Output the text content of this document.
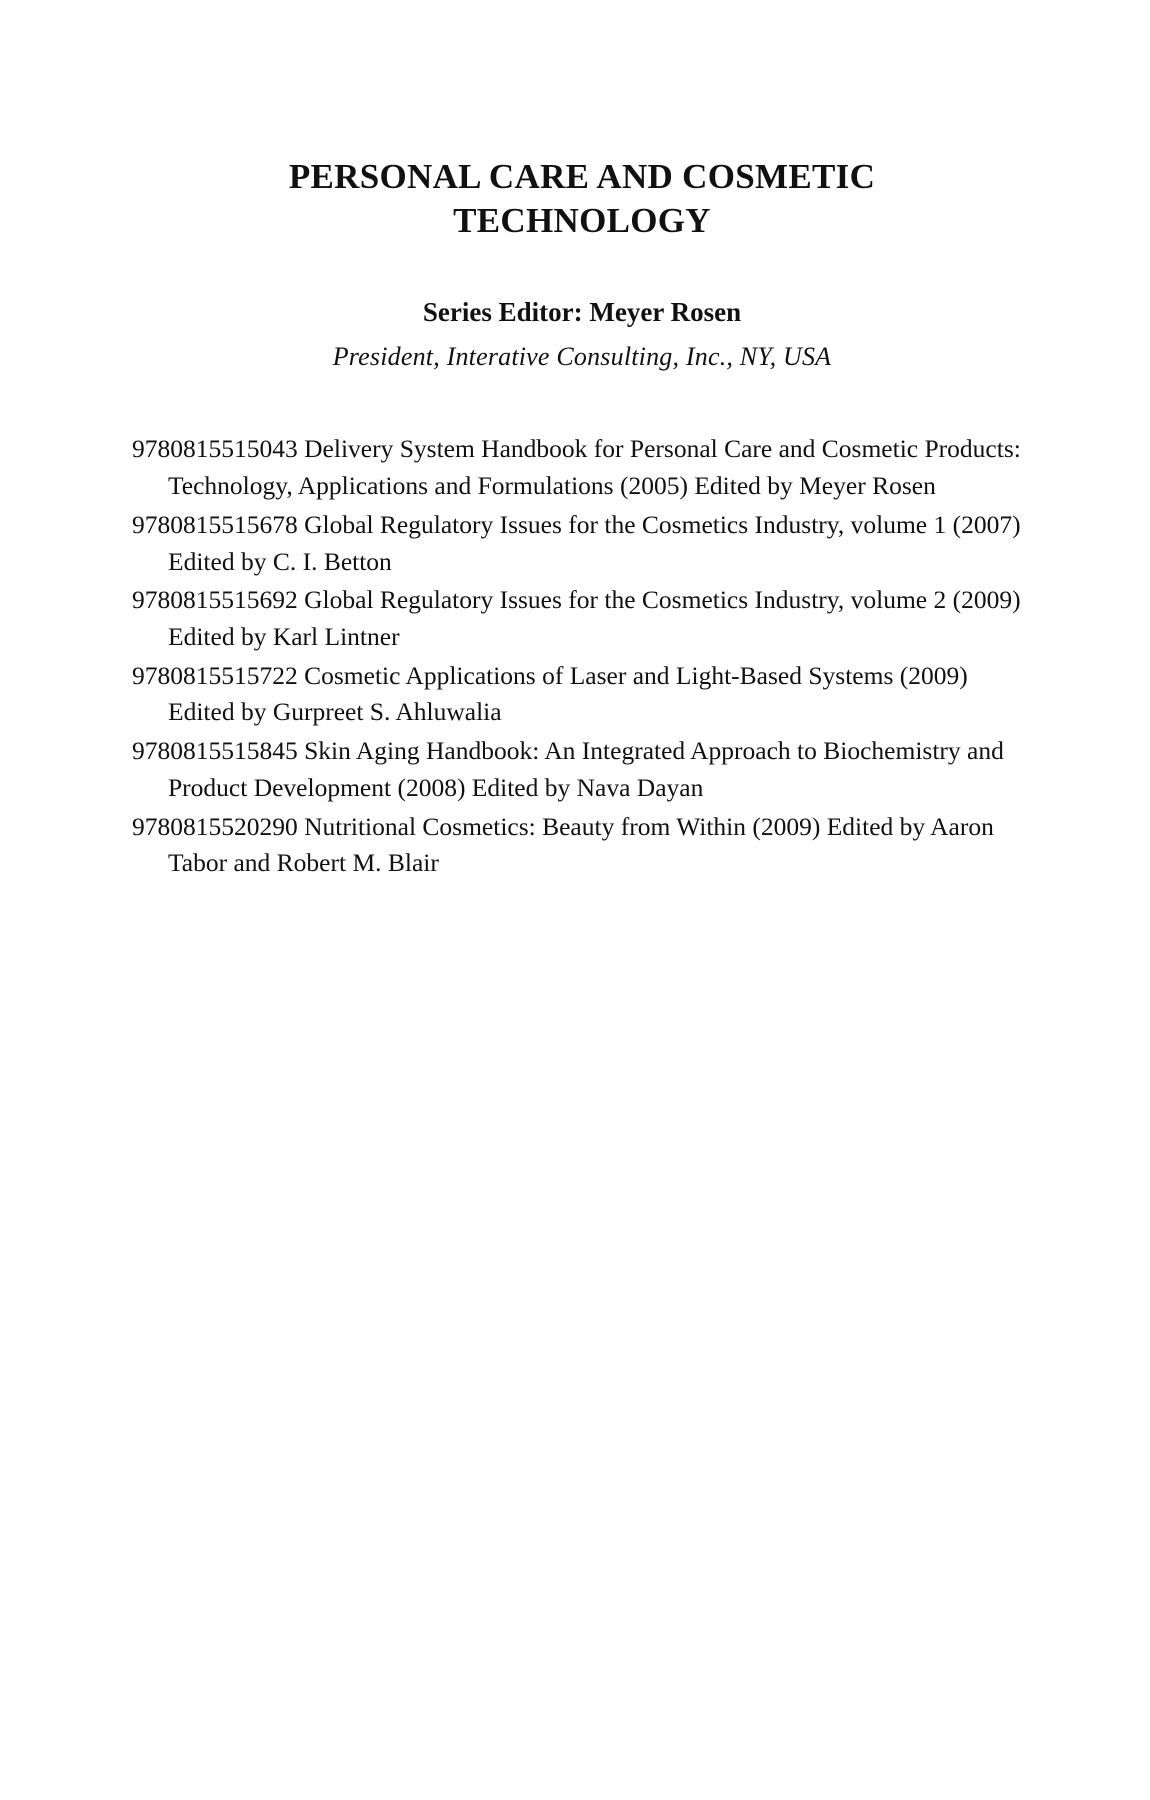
PERSONAL CARE AND COSMETIC
TECHNOLOGY

Series Editor: Meyer Rosen

President, Interative Consulting, Inc., NY, USA

9780815515043 Delivery System Handbook for Personal Care and Cosmetic Products: Technology, Applications and Formulations (2005) Edited by Meyer Rosen
9780815515678 Global Regulatory Issues for the Cosmetics Industry, volume 1 (2007) Edited by C. I. Betton
9780815515692 Global Regulatory Issues for the Cosmetics Industry, volume 2 (2009) Edited by Karl Lintner
9780815515722 Cosmetic Applications of Laser and Light-Based Systems (2009) Edited by Gurpreet S. Ahluwalia
9780815515845 Skin Aging Handbook: An Integrated Approach to Biochemistry and Product Development (2008) Edited by Nava Dayan
9780815520290 Nutritional Cosmetics: Beauty from Within (2009) Edited by Aaron Tabor and Robert M. Blair
